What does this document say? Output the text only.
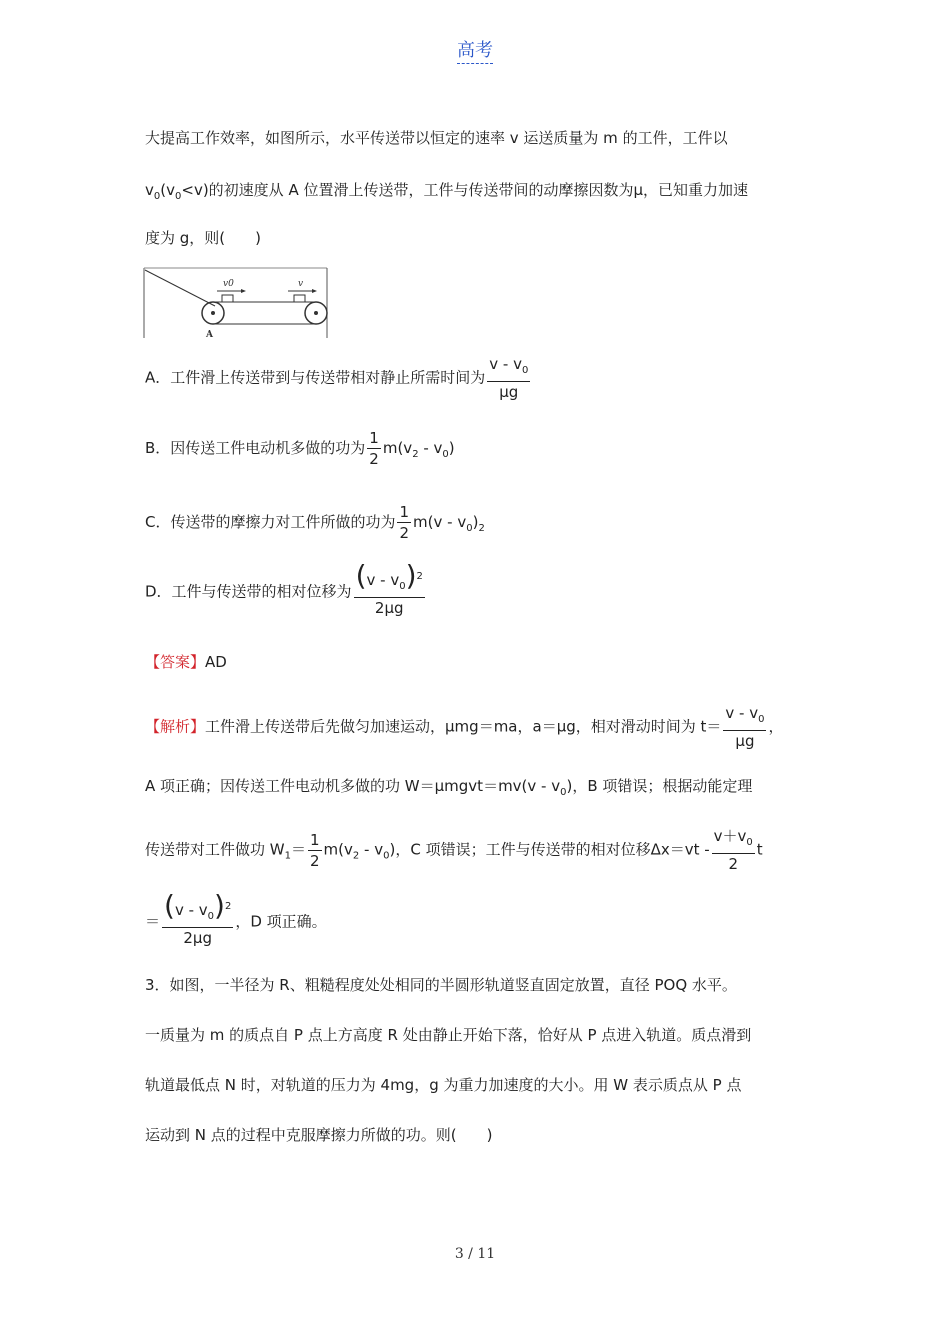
高考
大提高工作效率，如图所示，水平传送带以恒定的速率 v 运送质量为 m 的工件，工件以
$v_0(v_0<v)$的初速度从 A 位置滑上传送带，工件与传送带间的动摩擦因数为μ，已知重力加速
度为 g，则(　　)
v0	v
A
A．工件滑上传送带到与传送带相对静止所需时间为 $\frac{v - v_0}{\mu g}$
B．因传送工件电动机多做的功为 $\frac{1}{2} m(v_2 - v_0)$
C．传送带的摩擦力对工件所做的功为 $\frac{1}{2} m(v - v_0)_2$
D．工件与传送带的相对位移为 $\frac{(v - v_0)^2}{2\mu g}$
【答案】AD
【解析】工件滑上传送带后先做匀加速运动，μmg＝ma，a＝μg，相对滑动时间为 $t= \frac{v - v_0}{\mu g}$ ，
A 项正确；因传送工件电动机多做的功 W＝μmgvt＝mv(v - $v_0$)，B 项错误；根据动能定理
传送带对工件做功 $W_1= \frac{1}{2} m(v_2 - v_0)$，C 项错误；工件与传送带的相对位移$\Delta x=vt - \frac{v+v_0}{2}$ t
＝ $\frac{(v - v_0)^2}{2\mu g}$ ，D 项正确。
3．如图，一半径为 R、粗糙程度处处相同的半圆形轨道竖直固定放置，直径 POQ 水平。
一质量为 m 的质点自 P 点上方高度 R 处由静止开始下落，恰好从 P 点进入轨道。质点滑到
轨道最低点 N 时，对轨道的压力为 4mg，g 为重力加速度的大小。用 W 表示质点从 P 点
运动到 N 点的过程中克服摩擦力所做的功。则(　　)
3 / 11
